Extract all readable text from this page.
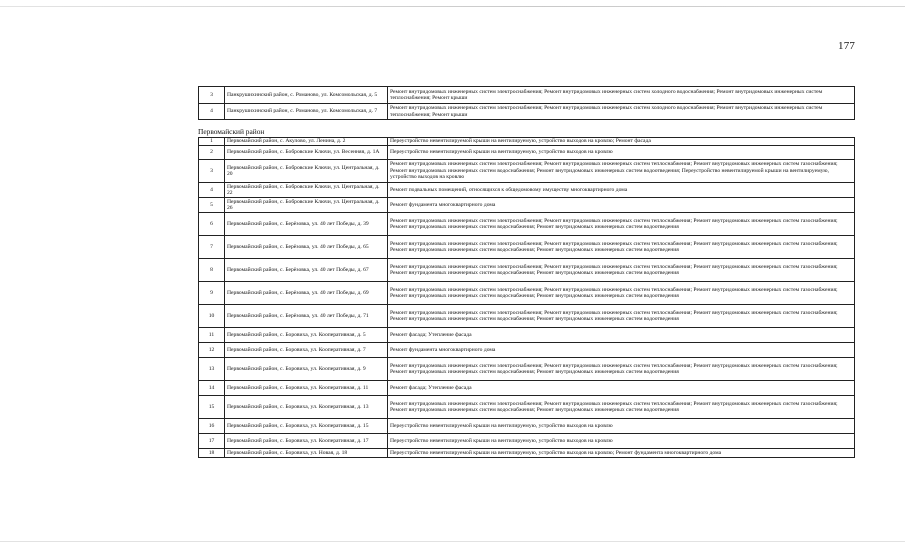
177
3	Панкрушихинский район, с. Романово, ул. Комсомольская, д. 5	Ремонт внутридомовых инженерных систем электроснабжения; Ремонт внутридомовых инженерных систем холодного водоснабжения; Ремонт внутридомовых инженерных систем теплоснабжения; Ремонт крыши
4	Панкрушихинский район, с. Романово, ул. Комсомольская, д. 7	Ремонт внутридомовых инженерных систем электроснабжения; Ремонт внутридомовых инженерных систем холодного водоснабжения; Ремонт внутридомовых инженерных систем теплоснабжения; Ремонт крыши
Первомайский район
1	Первомайский район, с. Акулово, ул. Ленина, д. 2	Переустройство невентилируемой крыши на вентилируемую, устройство выходов на кровлю; Ремонт фасада
2	Первомайский район, с. Бобровские Ключи, ул. Весенняя, д. 1А	Переустройство невентилируемой крыши на вентилируемую, устройство выходов на кровлю
3	Первомайский район, с. Бобровские Ключи, ул. Центральная, д. 20	Ремонт внутридомовых инженерных систем электроснабжения; Ремонт внутридомовых инженерных систем теплоснабжения; Ремонт внутридомовых инженерных систем газоснабжения; Ремонт внутридомовых инженерных систем водоснабжения; Ремонт внутридомовых инженерных систем водоотведения; Переустройство невентилируемой крыши на вентилируемую, устройство выходов на кровлю
4	Первомайский район, с. Бобровские Ключи, ул. Центральная, д. 22	Ремонт подвальных помещений, относящихся к общедомовому имуществу многоквартирного дома
5	Первомайский район, с. Бобровские Ключи, ул. Центральная, д. 26	Ремонт фундамента многоквартирного дома
6	Первомайский район, с. Берёзовка, ул. 40 лет Победы, д. 39	Ремонт внутридомовых инженерных систем электроснабжения; Ремонт внутридомовых инженерных систем теплоснабжения; Ремонт внутридомовых инженерных систем газоснабжения; Ремонт внутридомовых инженерных систем водоснабжения; Ремонт внутридомовых инженерных систем водоотведения
7	Первомайский район, с. Берёзовка, ул. 40 лет Победы, д. 65	Ремонт внутридомовых инженерных систем электроснабжения; Ремонт внутридомовых инженерных систем теплоснабжения; Ремонт внутридомовых инженерных систем газоснабжения; Ремонт внутридомовых инженерных систем водоснабжения; Ремонт внутридомовых инженерных систем водоотведения
8	Первомайский район, с. Берёзовка, ул. 40 лет Победы, д. 67	Ремонт внутридомовых инженерных систем электроснабжения; Ремонт внутридомовых инженерных систем теплоснабжения; Ремонт внутридомовых инженерных систем газоснабжения; Ремонт внутридомовых инженерных систем водоснабжения; Ремонт внутридомовых инженерных систем водоотведения
9	Первомайский район, с. Берёзовка, ул. 40 лет Победы, д. 69	Ремонт внутридомовых инженерных систем электроснабжения; Ремонт внутридомовых инженерных систем теплоснабжения; Ремонт внутридомовых инженерных систем газоснабжения; Ремонт внутридомовых инженерных систем водоснабжения; Ремонт внутридомовых инженерных систем водоотведения
10	Первомайский район, с. Берёзовка, ул. 40 лет Победы, д. 71	Ремонт внутридомовых инженерных систем электроснабжения; Ремонт внутридомовых инженерных систем теплоснабжения; Ремонт внутридомовых инженерных систем газоснабжения; Ремонт внутридомовых инженерных систем водоснабжения; Ремонт внутридомовых инженерных систем водоотведения
11	Первомайский район, с. Боровиха, ул. Кооперативная, д. 5	Ремонт фасада; Утепление фасада
12	Первомайский район, с. Боровиха, ул. Кооперативная, д. 7	Ремонт фундамента многоквартирного дома
13	Первомайский район, с. Боровиха, ул. Кооперативная, д. 9	Ремонт внутридомовых инженерных систем электроснабжения; Ремонт внутридомовых инженерных систем теплоснабжения; Ремонт внутридомовых инженерных систем газоснабжения; Ремонт внутридомовых инженерных систем водоснабжения; Ремонт внутридомовых инженерных систем водоотведения
14	Первомайский район, с. Боровиха, ул. Кооперативная, д. 11	Ремонт фасада; Утепление фасада
15	Первомайский район, с. Боровиха, ул. Кооперативная, д. 13	Ремонт внутридомовых инженерных систем электроснабжения; Ремонт внутридомовых инженерных систем теплоснабжения; Ремонт внутридомовых инженерных систем газоснабжения; Ремонт внутридомовых инженерных систем водоснабжения; Ремонт внутридомовых инженерных систем водоотведения
16	Первомайский район, с. Боровиха, ул. Кооперативная, д. 15	Переустройство невентилируемой крыши на вентилируемую, устройство выходов на кровлю
17	Первомайский район, с. Боровиха, ул. Кооперативная, д. 17	Переустройство невентилируемой крыши на вентилируемую, устройство выходов на кровлю
18	Первомайский район, с. Боровиха, ул. Новая, д. 18	Переустройство невентилируемой крыши на вентилируемую, устройство выходов на кровлю; Ремонт фундамента многоквартирного дома
